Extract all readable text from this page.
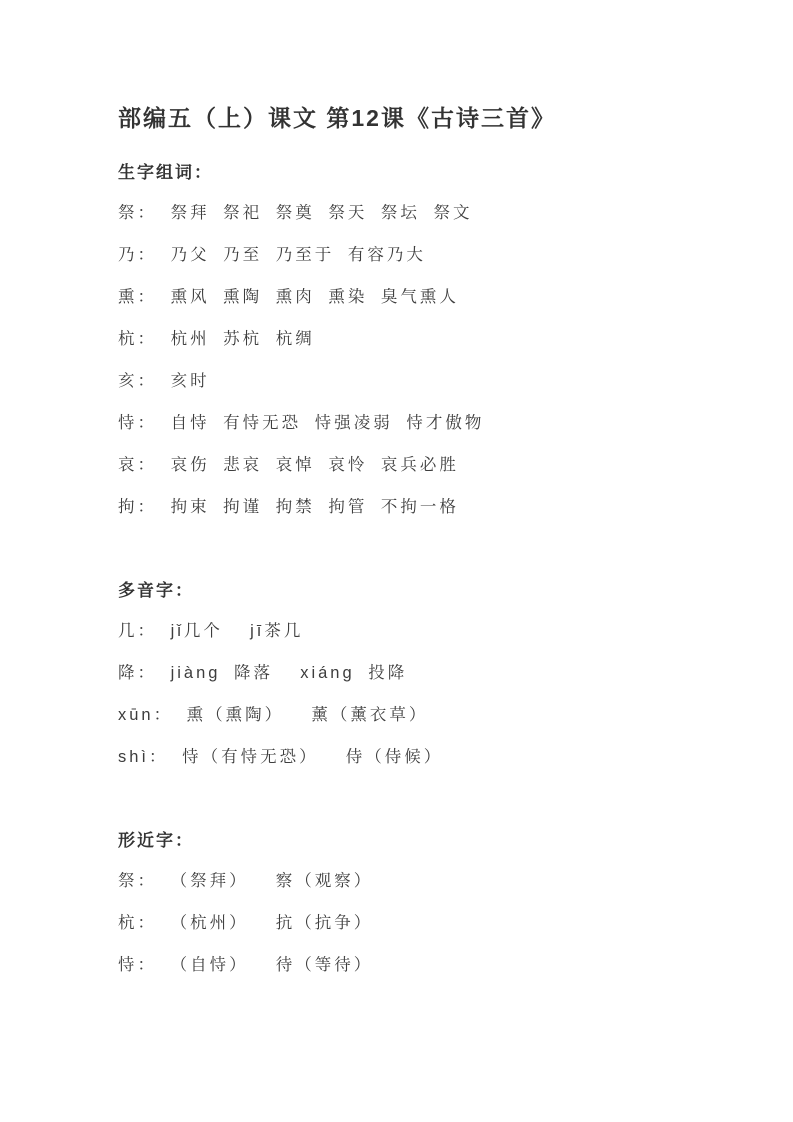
部编五（上）课文 第12课《古诗三首》
生字组词：

祭： 祭拜 祭祀 祭奠 祭天 祭坛 祭文

乃： 乃父 乃至 乃至于 有容乃大

熏： 熏风 熏陶 熏肉 熏染 臭气熏人

杭： 杭州 苏杭 杭绸

亥： 亥时

恃： 自恃 有恃无恐 恃强凌弱 恃才傲物

哀： 哀伤 悲哀 哀悼 哀怜 哀兵必胜

拘： 拘束 拘谨 拘禁 拘管 不拘一格

多音字：

几： jǐ几个  jī茶几

降： jiàng 降落  xiáng 投降

xūn： 熏（熏陶）  薰（薰衣草）

shì： 恃（有恃无恐）  侍（侍候）

形近字：

祭： （祭拜）  察（观察）

杭： （杭州）  抗（抗争）

恃： （自恃）  待（等待）
